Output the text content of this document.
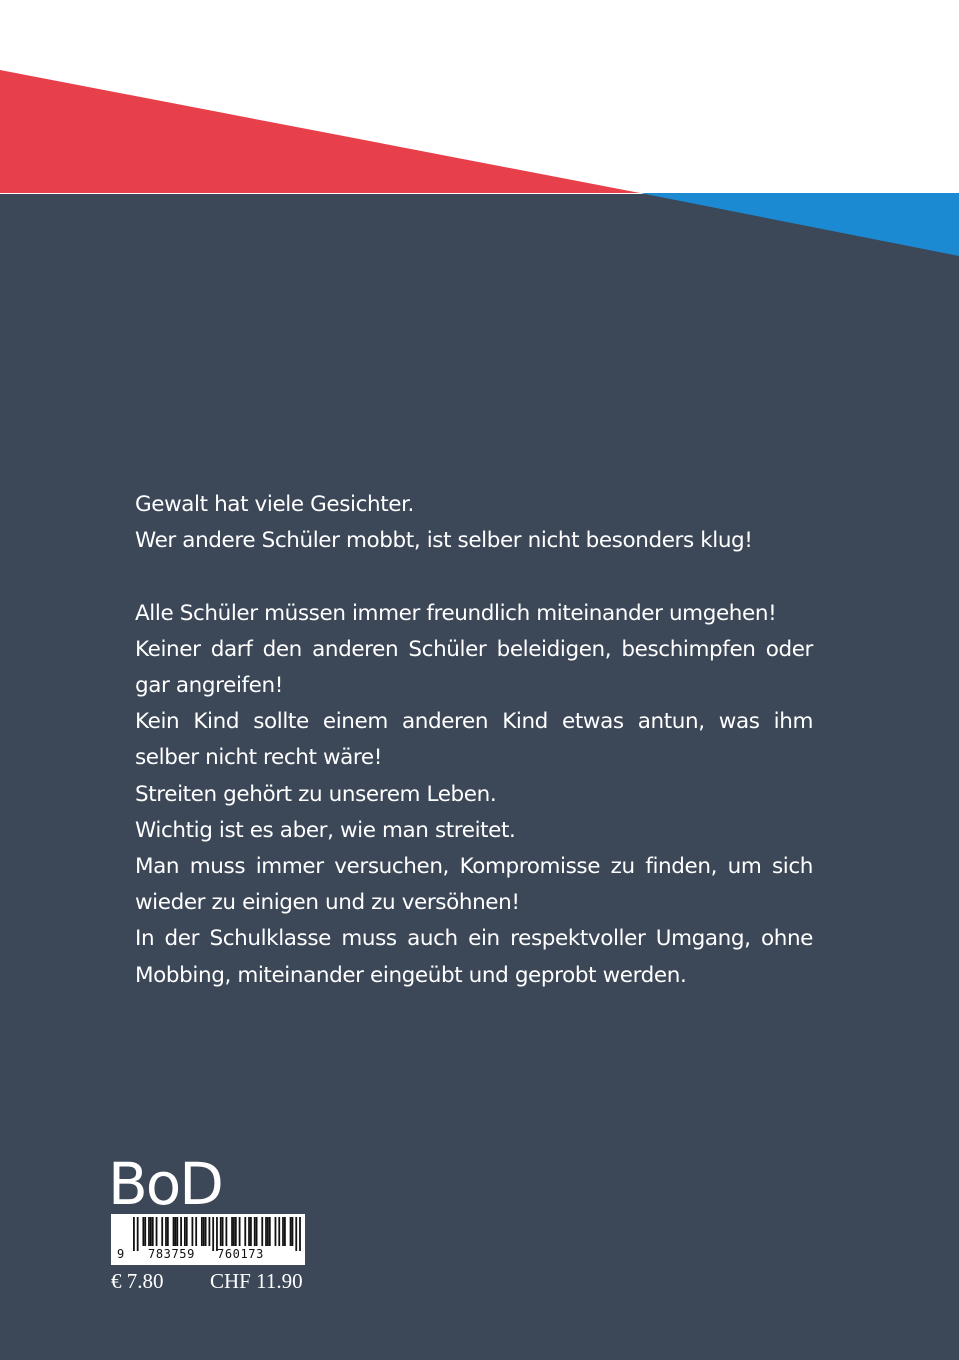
Gewalt hat viele Gesichter.

Wer andere Schüler mobbt, ist selber nicht besonders klug!

Alle Schüler müssen immer freundlich miteinander umgehen!

Keiner darf den anderen Schüler beleidigen, beschimpfen oder gar angreifen!

Kein Kind sollte einem anderen Kind etwas antun, was ihm selber nicht recht wäre!

Streiten gehört zu unserem Leben.

Wichtig ist es aber, wie man streitet.

Man muss immer versuchen, Kompromisse zu finden, um sich wieder zu einigen und zu versöhnen!

In der Schulklasse muss auch ein respektvoller Umgang, ohne Mobbing, miteinander eingeübt und geprobt werden.

BoD
9 783759 760173
€ 7.80 CHF 11.90
